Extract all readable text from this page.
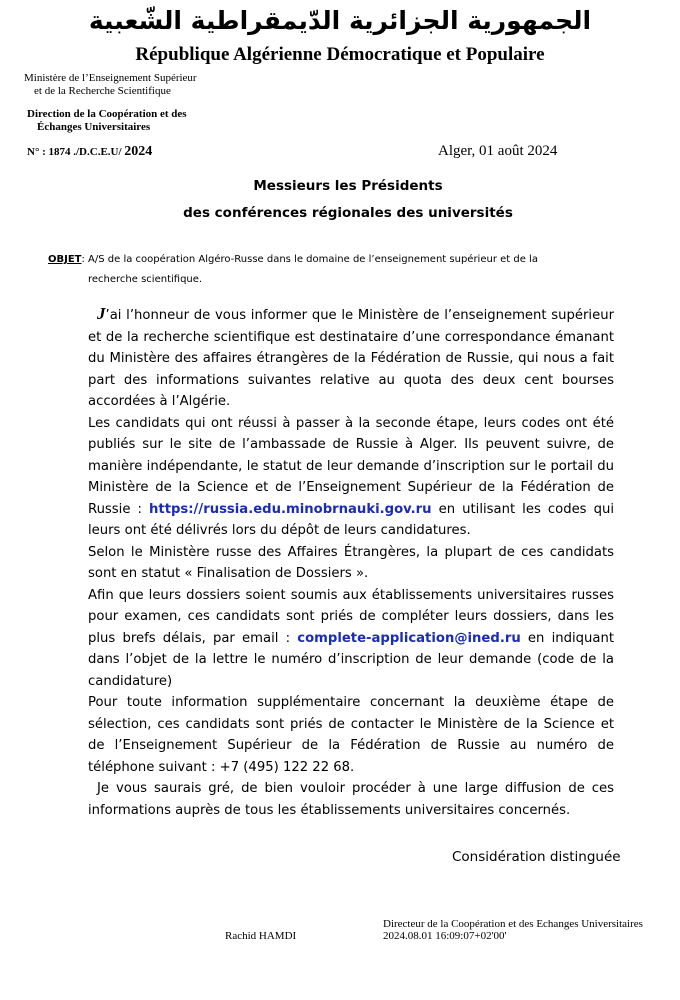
الجمهورية الجزائرية الدّيمقراطية الشّعبية
République Algérienne Démocratique et Populaire
Ministère de l’Enseignement Supérieur
et de la Recherche Scientifique
Direction de la Coopération et des
Échanges Universitaires
N° : 1874 ./D.C.E.U/ 2024	Alger, 01 août 2024
Messieurs les Présidents
des conférences régionales des universités
OBJET: A/S de la coopération Algéro-Russe dans le domaine de l’enseignement supérieur et de la
recherche scientifique.

J’ai l’honneur de vous informer que le Ministère de l’enseignement supérieur et de la recherche scientifique est destinataire d’une correspondance émanant du Ministère des affaires étrangères de la Fédération de Russie, qui nous a fait part des informations suivantes relative au quota des deux cent bourses accordées à l’Algérie.

Les candidats qui ont réussi à passer à la seconde étape, leurs codes ont été publiés sur le site de l’ambassade de Russie à Alger. Ils peuvent suivre, de manière indépendante, le statut de leur demande d’inscription sur le portail du Ministère de la Science et de l’Enseignement Supérieur de la Fédération de Russie : https://russia.edu.minobrnauki.gov.ru en utilisant les codes qui leurs ont été délivrés lors du dépôt de leurs candidatures.

Selon le Ministère russe des Affaires Étrangères, la plupart de ces candidats sont en statut « Finalisation de Dossiers ».

Afin que leurs dossiers soient soumis aux établissements universitaires russes pour examen, ces candidats sont priés de compléter leurs dossiers, dans les plus brefs délais, par email : complete-application@ined.ru en indiquant dans l’objet de la lettre le numéro d’inscription de leur demande (code de la candidature)

Pour toute information supplémentaire concernant la deuxième étape de sélection, ces candidats sont priés de contacter le Ministère de la Science et de l’Enseignement Supérieur de la Fédération de Russie au numéro de téléphone suivant : +7 (495) 122 22 68.

Je vous saurais gré, de bien vouloir procéder à une large diffusion de ces informations auprès de tous les établissements universitaires concernés.

Considération distinguée
Rachid HAMDI
Directeur de la Coopération et des Echanges Universitaires
2024.08.01 16:09:07+02'00'
